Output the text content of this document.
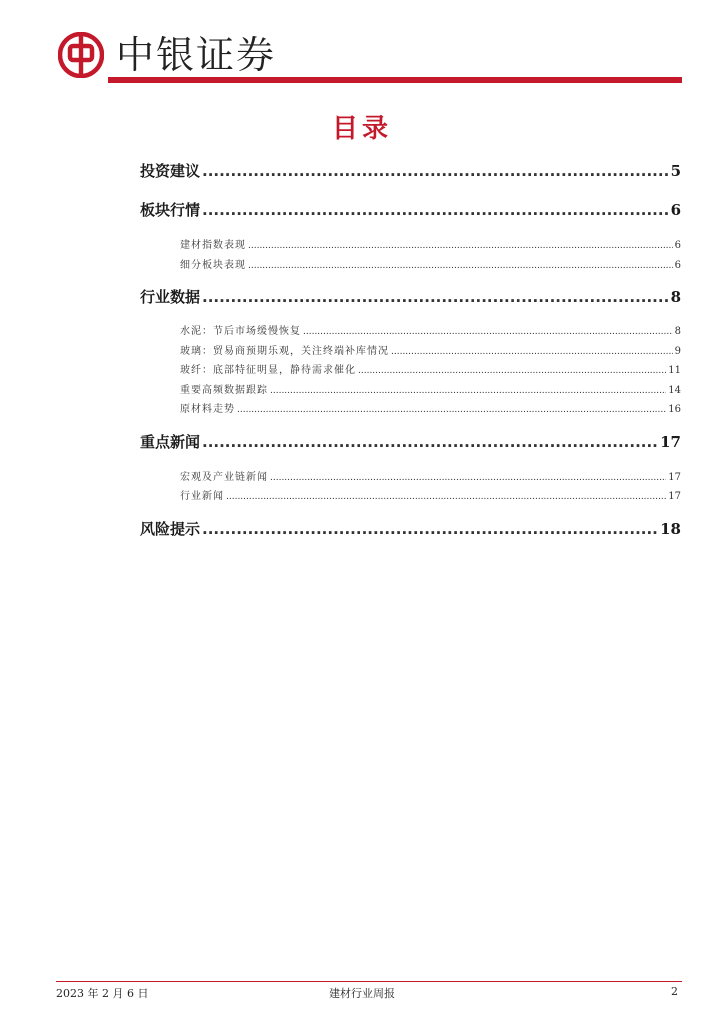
中银证券
目录
投资建议 .....	5
板块行情 .....	6
建材指数表现 .....	6
细分板块表现 .....	6
行业数据 .....	8
水泥：节后市场缓慢恢复 .....	8
玻璃：贸易商预期乐观，关注终端补库情况 .....	9
玻纤：底部特征明显，静待需求催化 .....	11
重要高频数据跟踪 .....	14
原材料走势 .....	16
重点新闻 .....	17
宏观及产业链新闻 .....	17
行业新闻 .....	17
风险提示 .....	18
2023 年 2 月 6 日	建材行业周报	2
